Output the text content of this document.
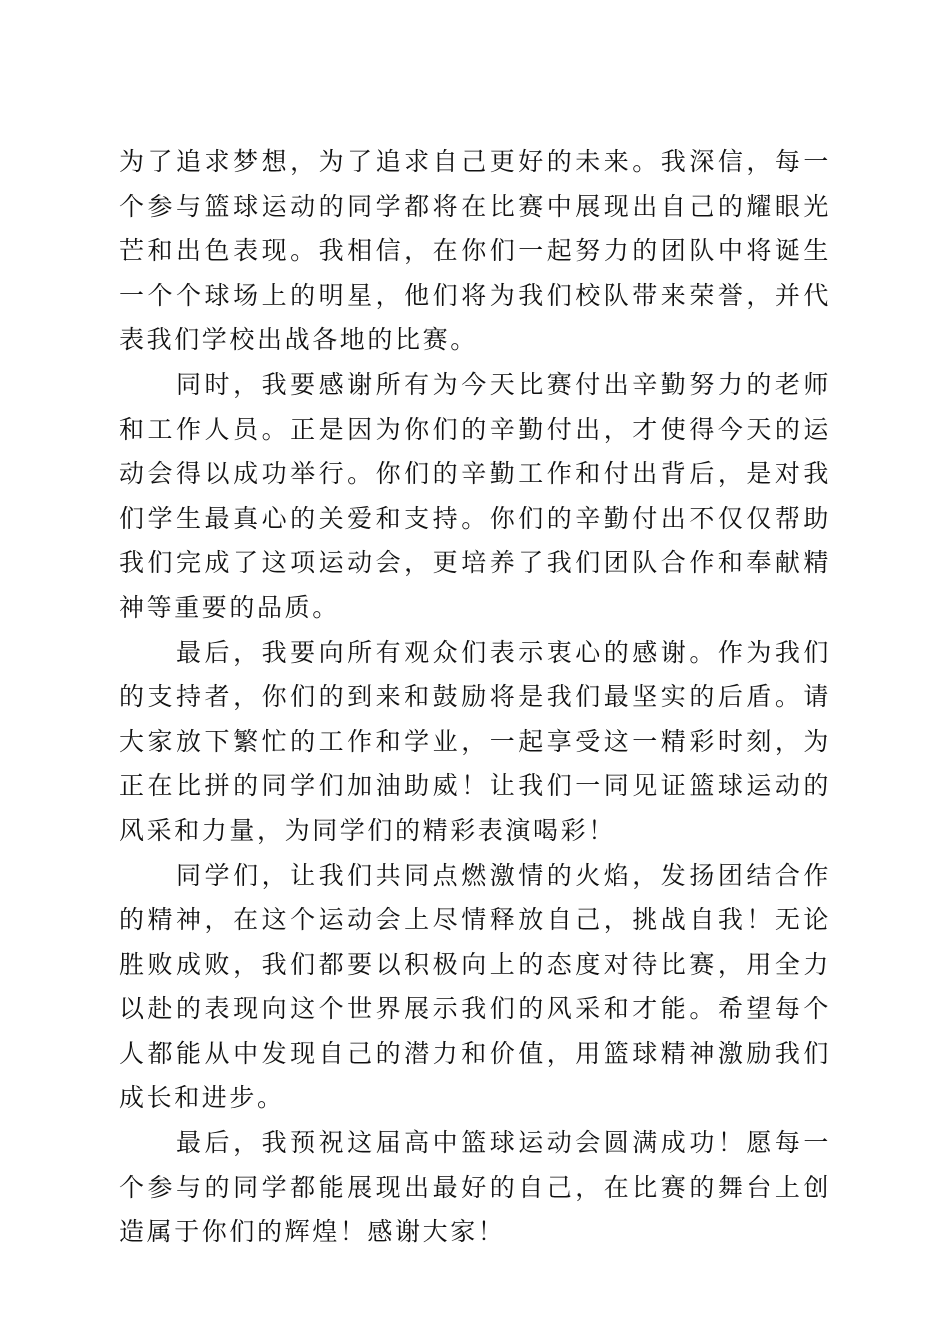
为了追求梦想，为了追求自己更好的未来。我深信，每一个参与篮球运动的同学都将在比赛中展现出自己的耀眼光芒和出色表现。我相信，在你们一起努力的团队中将诞生一个个球场上的明星，他们将为我们校队带来荣誉，并代表我们学校出战各地的比赛。

　　同时，我要感谢所有为今天比赛付出辛勤努力的老师和工作人员。正是因为你们的辛勤付出，才使得今天的运动会得以成功举行。你们的辛勤工作和付出背后，是对我们学生最真心的关爱和支持。你们的辛勤付出不仅仅帮助我们完成了这项运动会，更培养了我们团队合作和奉献精神等重要的品质。

　　最后，我要向所有观众们表示衷心的感谢。作为我们的支持者，你们的到来和鼓励将是我们最坚实的后盾。请大家放下繁忙的工作和学业，一起享受这一精彩时刻，为正在比拼的同学们加油助威！让我们一同见证篮球运动的风采和力量，为同学们的精彩表演喝彩！

　　同学们，让我们共同点燃激情的火焰，发扬团结合作的精神，在这个运动会上尽情释放自己，挑战自我！无论胜败成败，我们都要以积极向上的态度对待比赛，用全力以赴的表现向这个世界展示我们的风采和才能。希望每个人都能从中发现自己的潜力和价值，用篮球精神激励我们成长和进步。

　　最后，我预祝这届高中篮球运动会圆满成功！愿每一个参与的同学都能展现出最好的自己，在比赛的舞台上创造属于你们的辉煌！感谢大家！
